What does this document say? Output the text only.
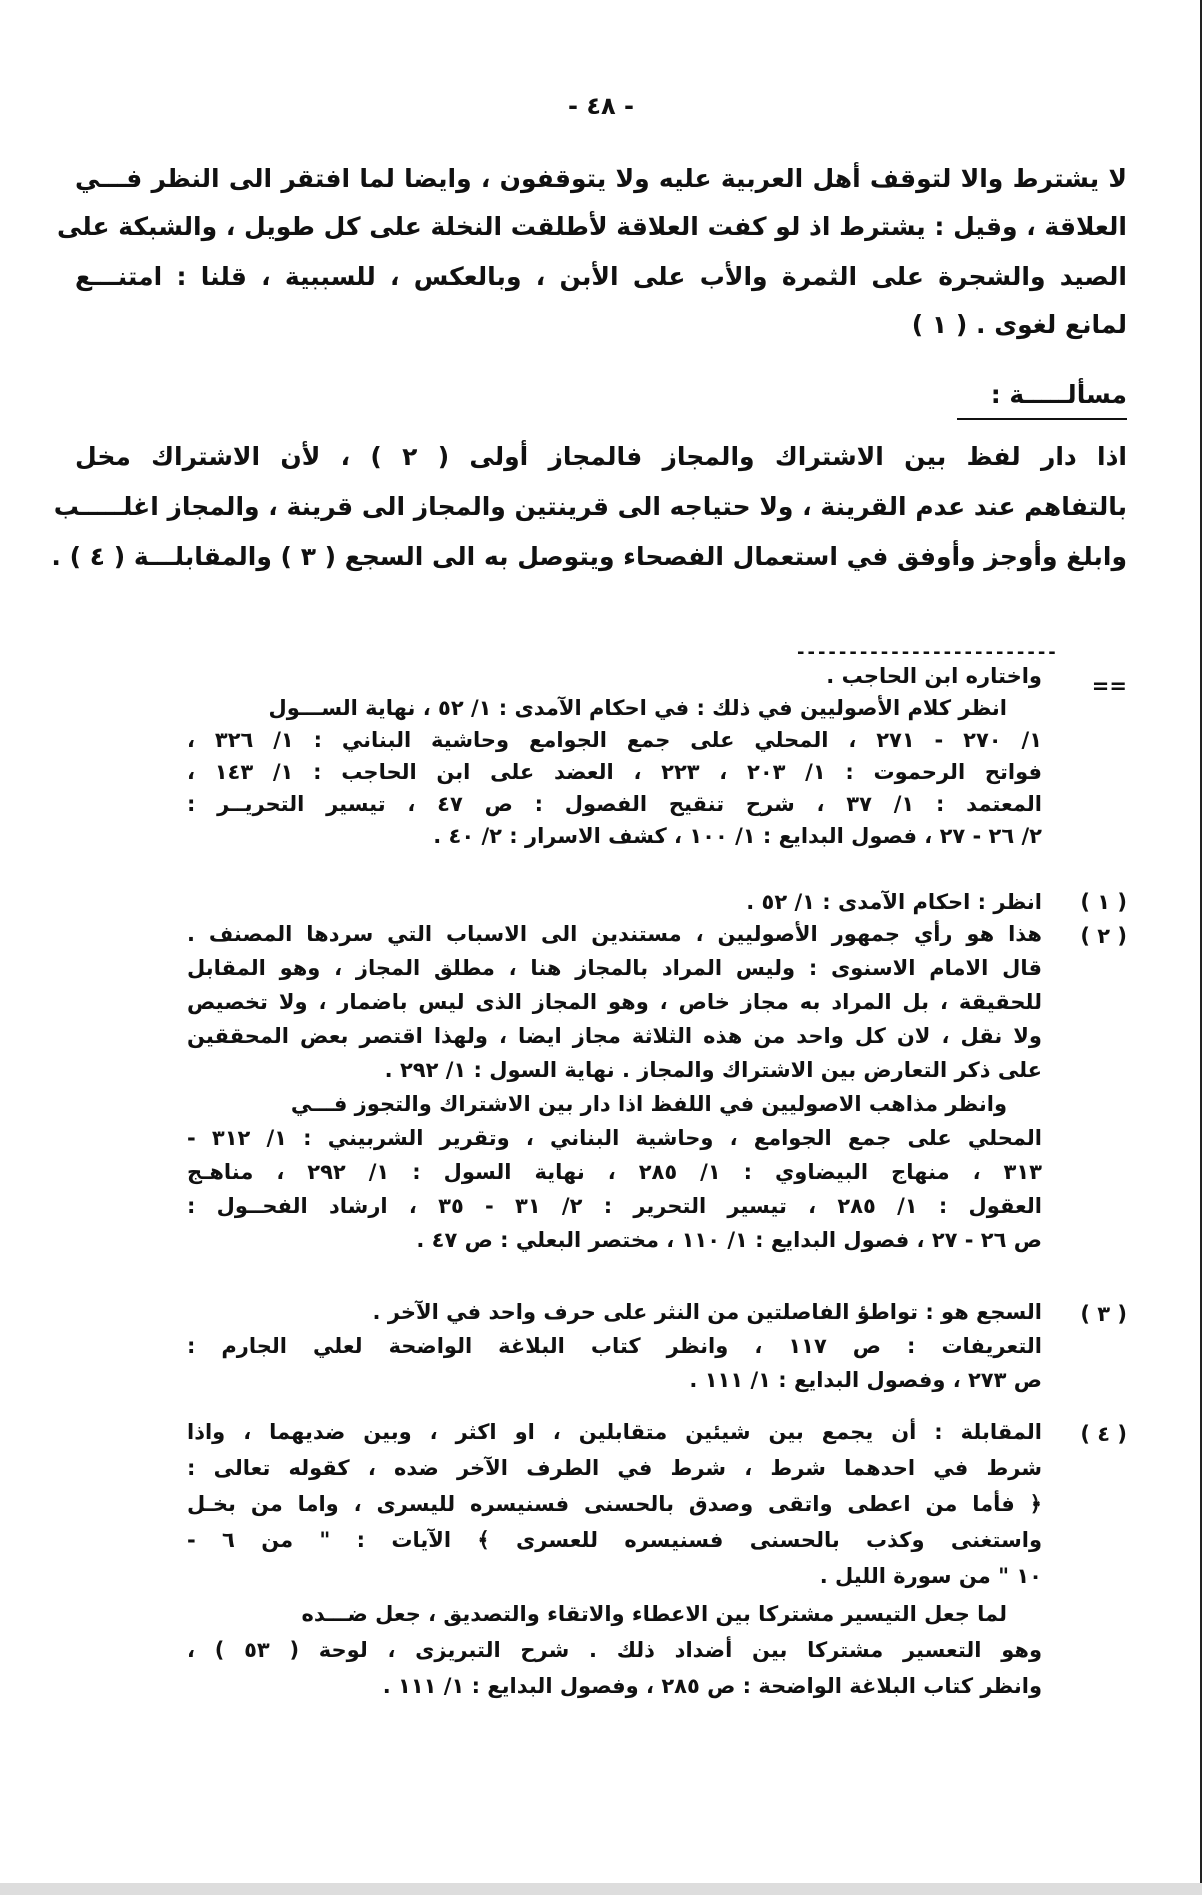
- ٤٨ -
لا يشترط والا لتوقف أهل العربية عليه ولا يتوقفون ، وايضا لما افتقر الى النظر فـــي
العلاقة ، وقيل : يشترط اذ لو كفت العلاقة لأطلقت النخلة على كل طويل ، والشبكة على
الصيد والشجرة على الثمرة والأب على الأبن ، وبالعكس ، للسببية ، قلنا : امتنـــع
لمانع لغوى . ( ١ )
مسألـــــة :
اذا دار لفظ بين الاشتراك والمجاز فالمجاز أولى ( ٢ ) ، لأن الاشتراك مخل
بالتفاهم عند عدم القرينة ، ولا حتياجه الى قرينتين والمجاز الى قرينة ، والمجاز اغلـــــب
وابلغ وأوجز وأوفق في استعمال الفصحاء ويتوصل به الى السجع ( ٣ ) والمقابلـــة ( ٤ ) .
-------------------------
==
واختاره ابن الحاجب .
انظر كلام الأصوليين في ذلك : في احكام الآمدى : ١/ ٥٢ ، نهاية الســـول
١/ ٢٧٠ - ٢٧١ ، المحلي على جمع الجوامع وحاشية البناني : ١/ ٣٢٦ ،
فواتح الرحموت : ١/ ٢٠٣ ، ٢٢٣ ، العضد على ابن الحاجب : ١/ ١٤٣ ،
المعتمد : ١/ ٣٧ ، شرح تنقيح الفصول : ص ٤٧ ، تيسير التحريــر :
٢/ ٢٦ - ٢٧ ، فصول البدايع : ١/ ١٠٠ ، كشف الاسرار : ٢/ ٤٠ .
( ١ )
انظر : احكام الآمدى : ١/ ٥٢ .
( ٢ )
هذا هو رأي جمهور الأصوليين ، مستندين الى الاسباب التي سردها المصنف .
قال الامام الاسنوى : وليس المراد بالمجاز هنا ، مطلق المجاز ، وهو المقابل
للحقيقة ، بل المراد به مجاز خاص ، وهو المجاز الذى ليس باضمار ، ولا تخصيص
ولا نقل ، لان كل واحد من هذه الثلاثة مجاز ايضا ، ولهذا اقتصر بعض المحققين
على ذكر التعارض بين الاشتراك والمجاز . نهاية السول : ١/ ٢٩٢ .
وانظر مذاهب الاصوليين في اللفظ اذا دار بين الاشتراك والتجوز فـــي
المحلي على جمع الجوامع ، وحاشية البناني ، وتقرير الشربيني : ١/ ٣١٢ -
٣١٣ ، منهاج البيضاوي : ١/ ٢٨٥ ، نهاية السول : ١/ ٢٩٢ ، مناهـج
العقول : ١/ ٢٨٥ ، تيسير التحرير : ٢/ ٣١ - ٣٥ ، ارشاد الفحــول :
ص ٢٦ - ٢٧ ، فصول البدايع : ١/ ١١٠ ، مختصر البعلي : ص ٤٧ .
( ٣ )
السجع هو : تواطؤ الفاصلتين من النثر على حرف واحد في الآخر .
التعريفات : ص ١١٧ ، وانظر كتاب البلاغة الواضحة لعلي الجارم :
ص ٢٧٣ ، وفصول البدايع : ١/ ١١١ .
( ٤ )
المقابلة : أن يجمع بين شيئين متقابلين ، او اكثر ، وبين ضديهما ، واذا
شرط في احدهما شرط ، شرط في الطرف الآخر ضده ، كقوله تعالى :
﴿ فأما من اعطى واتقى وصدق بالحسنى فسنيسره لليسرى ، واما من بخـل
واستغنى وكذب بالحسنى فسنيسره للعسرى ﴾ الآيات : " من ٦ -
١٠ " من سورة الليل .
لما جعل التيسير مشتركا بين الاعطاء والاتقاء والتصديق ، جعل ضـــده
وهو التعسير مشتركا بين أضداد ذلك . شرح التبريزى ، لوحة ( ٥٣ ) ،
وانظر كتاب البلاغة الواضحة : ص ٢٨٥ ، وفصول البدايع : ١/ ١١١ .
